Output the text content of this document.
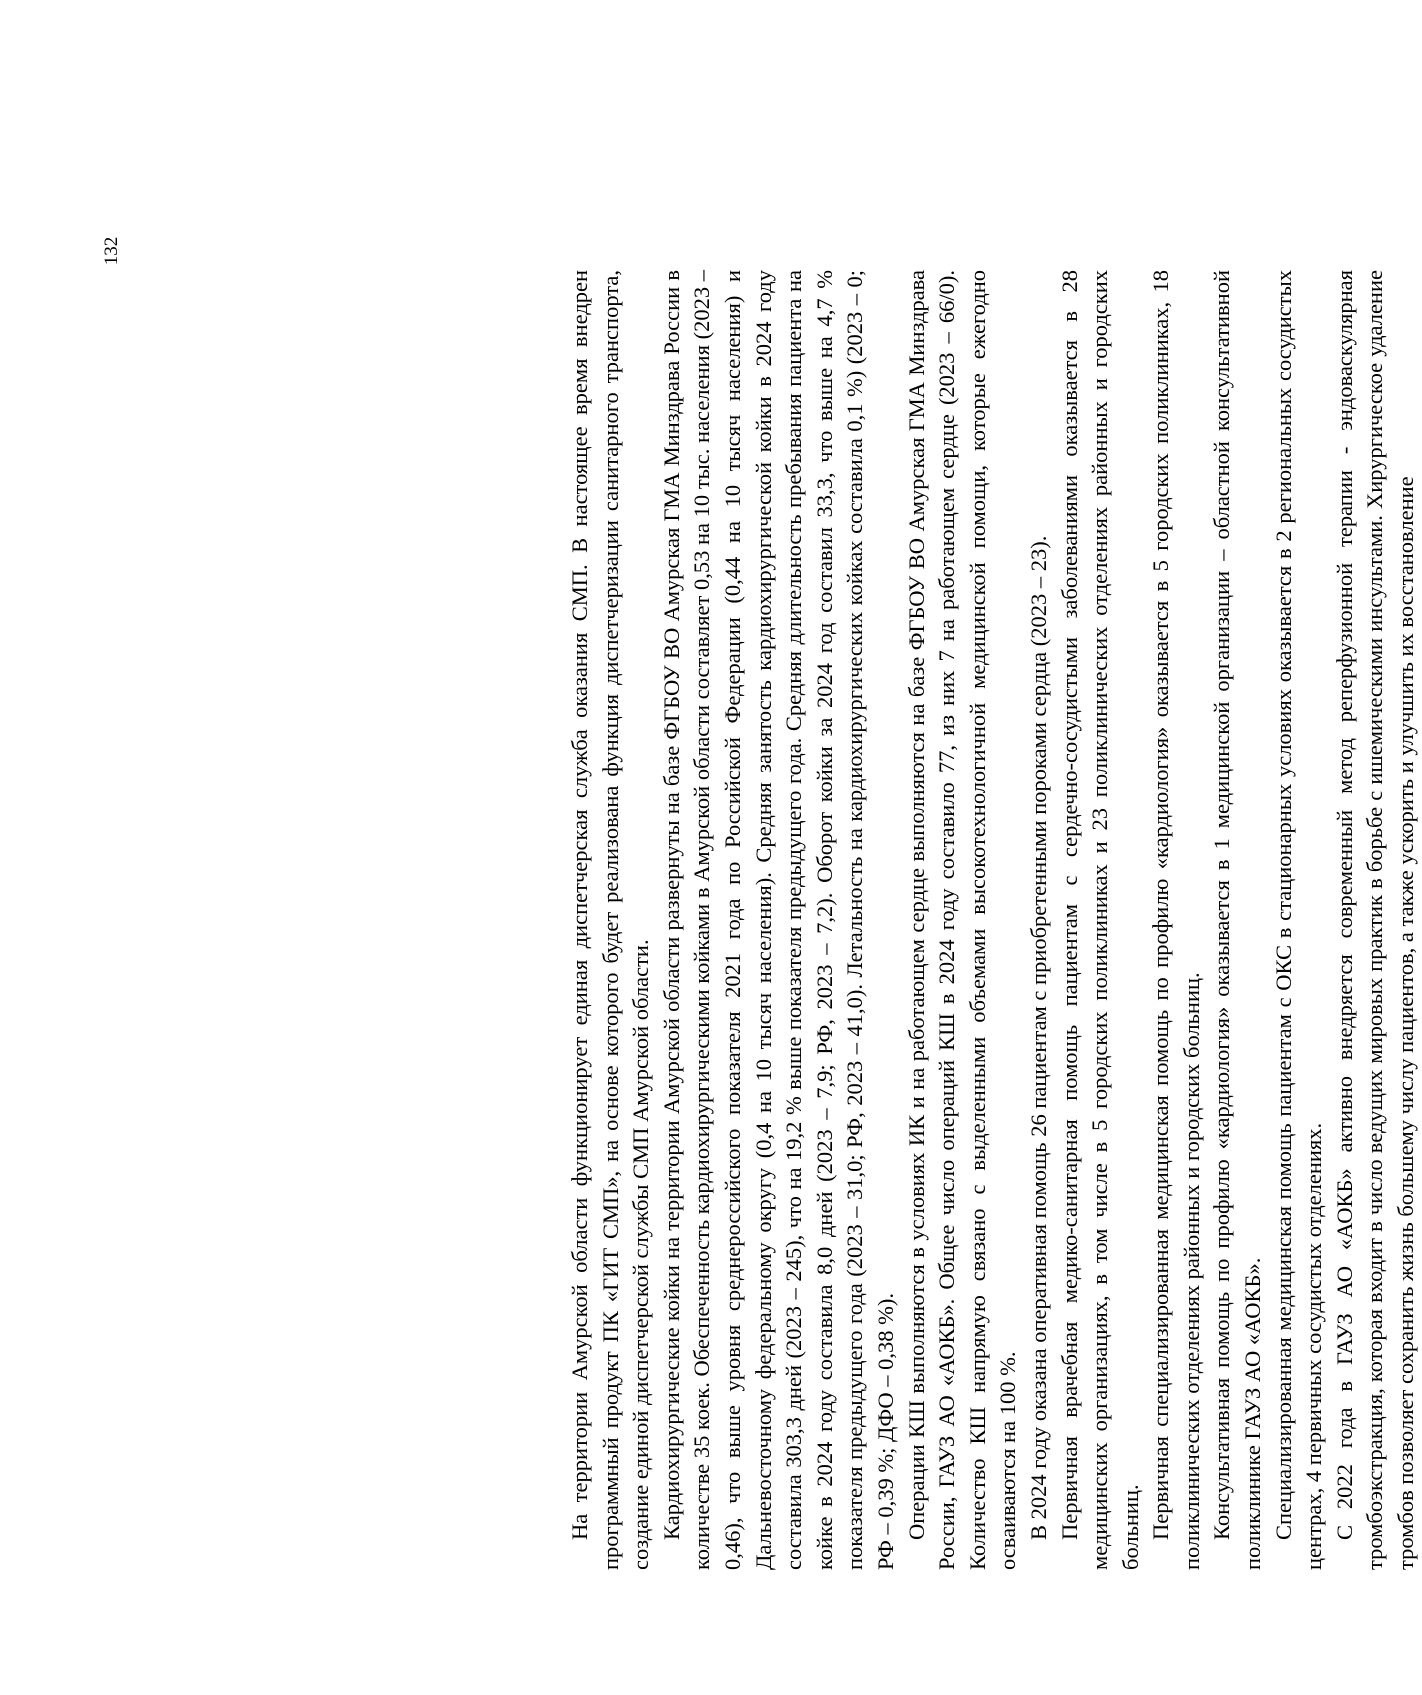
132

На территории Амурской области функционирует единая диспетчерская служба оказания СМП. В настоящее время внедрен программный продукт ПК «ГИТ СМП», на основе которого будет реализована функция диспетчеризации санитарного транспорта, создание единой диспетчерской службы СМП Амурской области. Кардиохирургические койки на территории Амурской области развернуты на базе ФГБОУ ВО Амурская ГМА Минздрава России в количестве 35 коек. Обеспеченность кардиохирургическими койками в Амурской области составляет 0,53 на 10 тыс. населения (2023 – 0,46), что выше уровня среднероссийского показателя 2021 года по Российской Федерации (0,44 на 10 тысяч населения) и Дальневосточному федеральному округу (0,4 на 10 тысяч населения). Средняя занятость кардиохирургической койки в 2024 году составила 303,3 дней (2023 – 245), что на 19,2 % выше показателя предыдущего года. Средняя длительность пребывания пациента на койке в 2024 году составила 8,0 дней (2023 – 7,9; РФ, 2023 – 7,2). Оборот койки за 2024 год составил 33,3, что выше на 4,7 % показателя предыдущего года (2023 – 31,0; РФ, 2023 – 41,0). Летальность на кардиохирургических койках составила 0,1 %) (2023 – 0; РФ – 0,39 %; ДФО – 0,38 %). Операции КШ выполняются в условиях ИК и на работающем сердце выполняются на базе ФГБОУ ВО Амурская ГМА Минздрава России, ГАУЗ АО «АОКБ». Общее число операций КШ в 2024 году составило 77, из них 7 на работающем сердце (2023 – 66/0). Количество КШ напрямую связано с выделенными объемами высокотехнологичной медицинской помощи, которые ежегодно осваиваются на 100 %. В 2024 году оказана оперативная помощь 26 пациентам с приобретенными пороками сердца (2023 – 23). Первичная врачебная медико-санитарная помощь пациентам с сердечно-сосудистыми заболеваниями оказывается в 28 медицинских организациях, в том числе в 5 городских поликлиниках и 23 поликлинических отделениях районных и городских больниц. Первичная специализированная медицинская помощь по профилю «кардиология» оказывается в 5 городских поликлиниках, 18 поликлинических отделениях районных и городских больниц. Консультативная помощь по профилю «кардиология» оказывается в 1 медицинской организации – областной консультативной поликлинике ГАУЗ АО «АОКБ». Специализированная медицинская помощь пациентам с ОКС в стационарных условиях оказывается в 2 региональных сосудистых центрах, 4 первичных сосудистых отделениях. С 2022 года в ГАУЗ АО «АОКБ» активно внедряется современный метод реперфузионной терапии - эндоваскулярная тромбоэкстракция, которая входит в число ведущих мировых практик в борьбе с ишемическими инсультами. Хирургическое удаление тромбов позволяет сохранить жизнь большему числу пациентов, а также ускорить и улучшить их восстановление
